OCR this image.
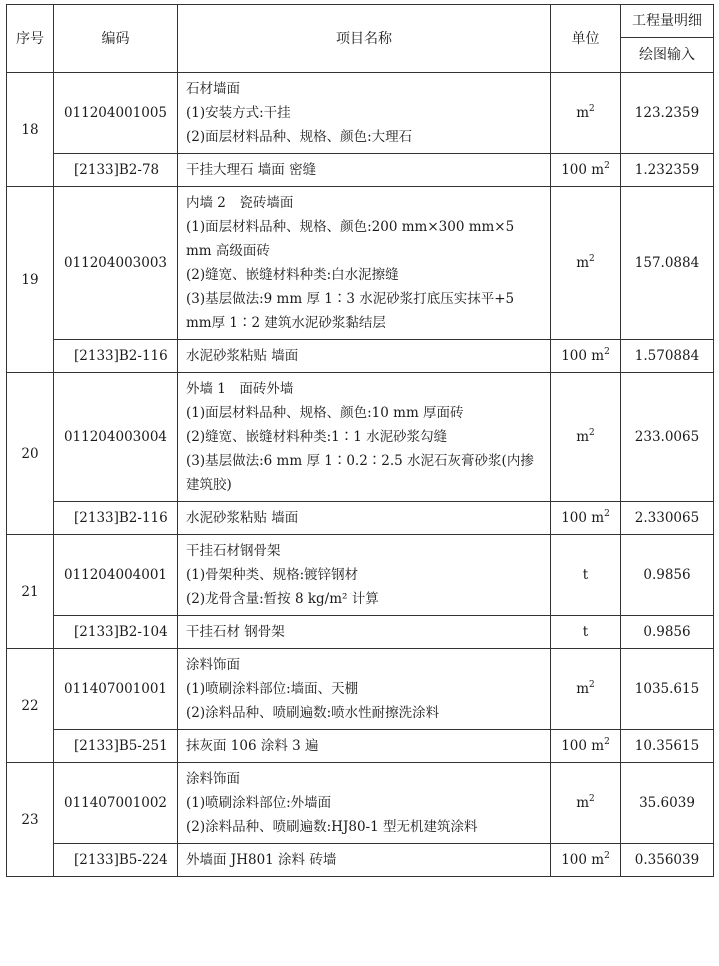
序号	编码	项目名称	单位	工程量明细
				绘图输入
18	011204001005	石材墙面
(1)安装方式:干挂
(2)面层材料品种、规格、颜色:大理石	$m^2$	123.2359
	[2133]B2-78	干挂大理石 墙面 密缝	100 $m^2$	1.232359
19	011204003003	内墙 2　瓷砖墙面
(1)面层材料品种、规格、颜色:200 mm×300 mm×5 mm 高级面砖
(2)缝宽、嵌缝材料种类:白水泥擦缝
(3)基层做法:9 mm 厚 1∶3 水泥砂浆打底压实抹平+5 mm厚 1∶2 建筑水泥砂浆黏结层	$m^2$	157.0884
	[2133]B2-116	水泥砂浆粘贴 墙面	100 $m^2$	1.570884
20	011204003004	外墙 1　面砖外墙
(1)面层材料品种、规格、颜色:10 mm 厚面砖
(2)缝宽、嵌缝材料种类:1∶1 水泥砂浆勾缝
(3)基层做法:6 mm 厚 1∶0.2∶2.5 水泥石灰膏砂浆(内掺建筑胶)	$m^2$	233.0065
	[2133]B2-116	水泥砂浆粘贴 墙面	100 $m^2$	2.330065
21	011204004001	干挂石材钢骨架
(1)骨架种类、规格:镀锌钢材
(2)龙骨含量:暂按 8 kg/m² 计算	t	0.9856
	[2133]B2-104	干挂石材 钢骨架	t	0.9856
22	011407001001	涂料饰面
(1)喷刷涂料部位:墙面、天棚
(2)涂料品种、喷刷遍数:喷水性耐擦洗涂料	$m^2$	1035.615
	[2133]B5-251	抹灰面 106 涂料 3 遍	100 $m^2$	10.35615
23	011407001002	涂料饰面
(1)喷刷涂料部位:外墙面
(2)涂料品种、喷刷遍数:HJ80-1 型无机建筑涂料	$m^2$	35.6039
	[2133]B5-224	外墙面 JH801 涂料 砖墙	100 $m^2$	0.356039
